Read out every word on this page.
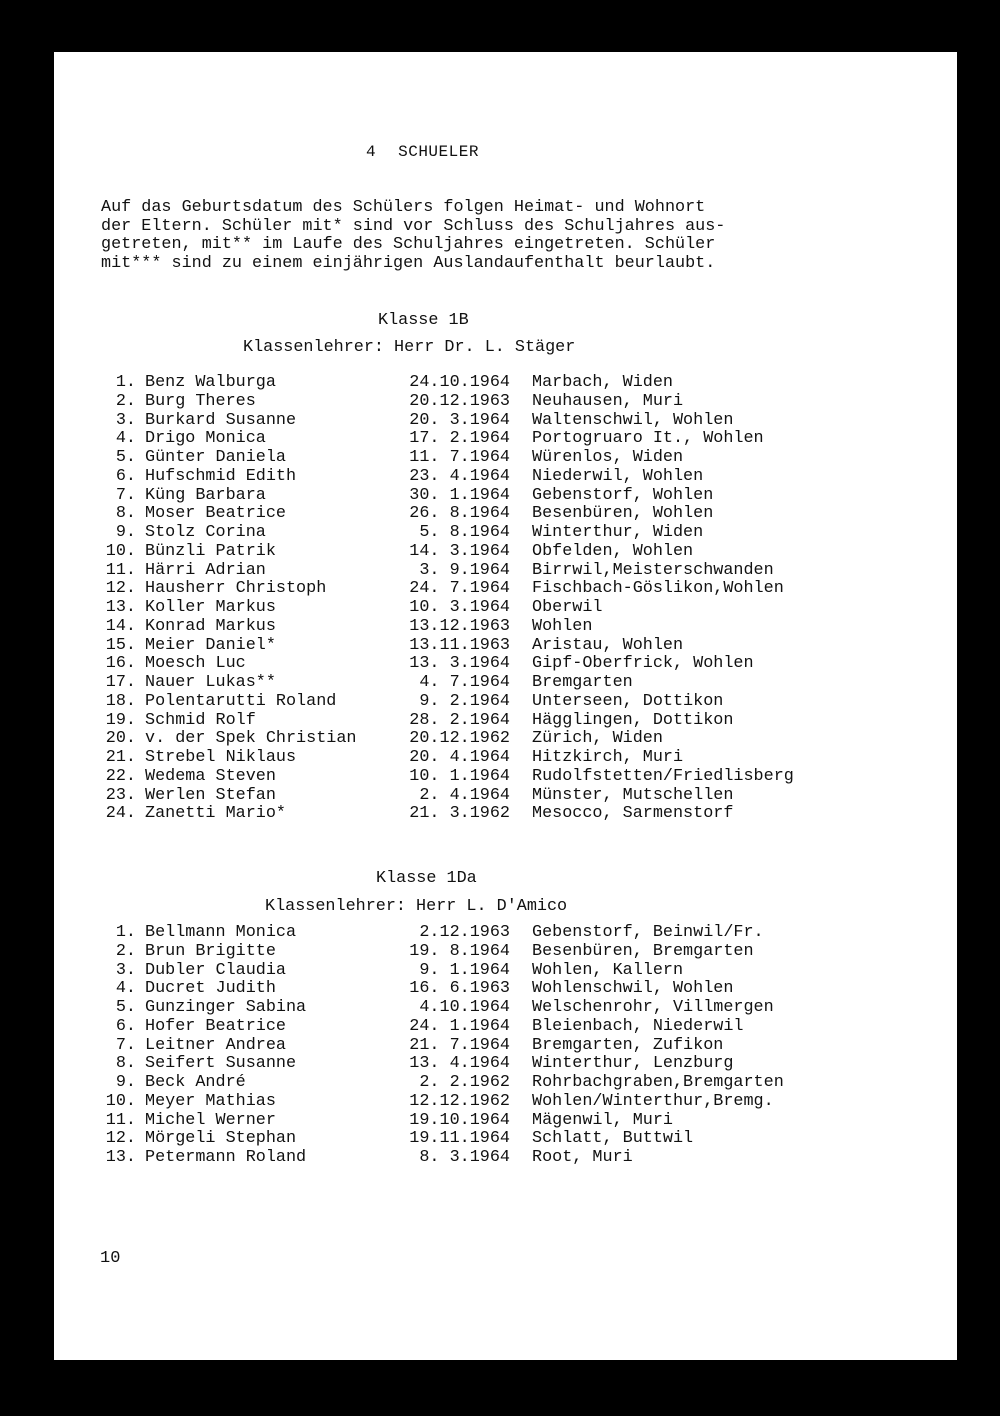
4 SCHUELER
Auf das Geburtsdatum des Schülers folgen Heimat- und Wohnort
der Eltern. Schüler mit* sind vor Schluss des Schuljahres aus-
getreten, mit** im Laufe des Schuljahres eingetreten. Schüler
mit*** sind zu einem einjährigen Auslandaufenthalt beurlaubt.
Klasse 1B
Klassenlehrer: Herr Dr. L. Stäger
1. Benz Walburga	24.10.1964 Marbach, Widen
2. Burg Theres	20.12.1963 Neuhausen, Muri
3. Burkard Susanne	20. 3.1964 Waltenschwil, Wohlen
4. Drigo Monica	17. 2.1964 Portogruaro It., Wohlen
5. Günter Daniela	11. 7.1964 Würenlos, Widen
6. Hufschmid Edith	23. 4.1964 Niederwil, Wohlen
7. Küng Barbara	30. 1.1964 Gebenstorf, Wohlen
8. Moser Beatrice	26. 8.1964 Besenbüren, Wohlen
9. Stolz Corina	5. 8.1964 Winterthur, Widen
10. Bünzli Patrik	14. 3.1964 Obfelden, Wohlen
11. Härri Adrian	3. 9.1964 Birrwil,Meisterschwanden
12. Hausherr Christoph	24. 7.1964 Fischbach-Göslikon,Wohlen
13. Koller Markus	10. 3.1964 Oberwil
14. Konrad Markus	13.12.1963 Wohlen
15. Meier Daniel*	13.11.1963 Aristau, Wohlen
16. Moesch Luc	13. 3.1964 Gipf-Oberfrick, Wohlen
17. Nauer Lukas**	4. 7.1964 Bremgarten
18. Polentarutti Roland	9. 2.1964 Unterseen, Dottikon
19. Schmid Rolf	28. 2.1964 Hägglingen, Dottikon
20. v. der Spek Christian	20.12.1962 Zürich, Widen
21. Strebel Niklaus	20. 4.1964 Hitzkirch, Muri
22. Wedema Steven	10. 1.1964 Rudolfstetten/Friedlisberg
23. Werlen Stefan	2. 4.1964 Münster, Mutschellen
24. Zanetti Mario*	21. 3.1962 Mesocco, Sarmenstorf
Klasse 1Da
Klassenlehrer: Herr L. D'Amico
1. Bellmann Monica	2.12.1963 Gebenstorf, Beinwil/Fr.
2. Brun Brigitte	19. 8.1964 Besenbüren, Bremgarten
3. Dubler Claudia	9. 1.1964 Wohlen, Kallern
4. Ducret Judith	16. 6.1963 Wohlenschwil, Wohlen
5. Gunzinger Sabina	4.10.1964 Welschenrohr, Villmergen
6. Hofer Beatrice	24. 1.1964 Bleienbach, Niederwil
7. Leitner Andrea	21. 7.1964 Bremgarten, Zufikon
8. Seifert Susanne	13. 4.1964 Winterthur, Lenzburg
9. Beck André	2. 2.1962 Rohrbachgraben,Bremgarten
10. Meyer Mathias	12.12.1962 Wohlen/Winterthur,Bremg.
11. Michel Werner	19.10.1964 Mägenwil, Muri
12. Mörgeli Stephan	19.11.1964 Schlatt, Buttwil
13. Petermann Roland	8. 3.1964 Root, Muri
10
